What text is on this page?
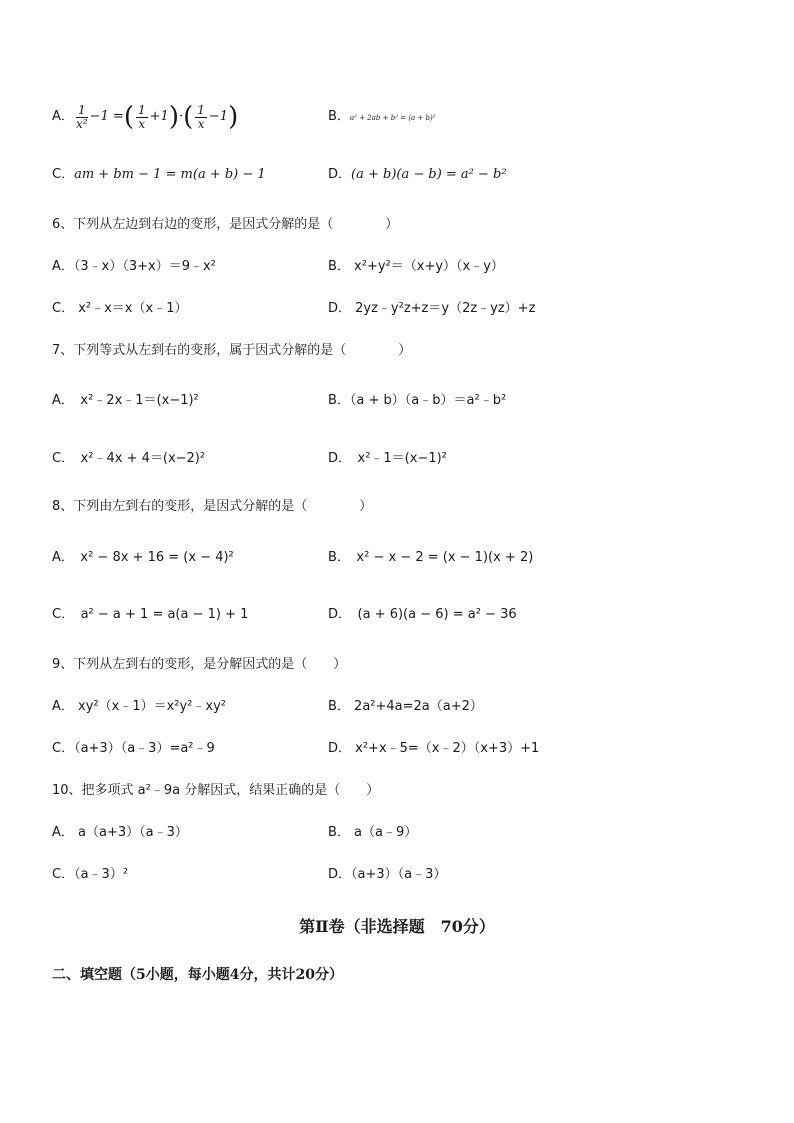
A． $\frac{1}{\text{x²}} -1$ = ( $\frac{1}{x} +1$ ) · ( $\frac{1}{x} -1$ )	B．a² + 2ab + b² = (a + b)²
C．am + bm − 1 = m(a + b) − 1	D．(a + b)(a − b) = a² − b²
6、下列从左边到右边的变形，是因式分解的是（　　　　）
A．（3﹣x）（3+x）＝9﹣x²	B． x²+y²＝（x+y）（x﹣y）
C． x²﹣x＝x（x﹣1）	D． 2yz﹣y²z+z＝y（2z﹣yz）+z
7、下列等式从左到右的变形，属于因式分解的是（　　　　）
A．　x²﹣2x﹣1＝(x−1)²	B．（a + b）（a﹣b）＝a²﹣b²
C．　x²﹣4x + 4＝(x−2)²	D．　x²﹣1＝(x−1)²
8、下列由左到右的变形，是因式分解的是（　　　　）
A．　x² − 8x + 16 = (x − 4)²	B．　x² − x − 2 = (x − 1)(x + 2)
C．　a² − a + 1 = a(a − 1) + 1	D．　(a + 6)(a − 6) = a² − 36
9、下列从左到右的变形，是分解因式的是（　　）
A． xy²（x﹣1）＝x²y²﹣xy²	B． 2a²+4a=2a（a+2）
C．（a+3）（a﹣3）=a²﹣9	D． x²+x﹣5=（x﹣2）（x+3）+1
10、把多项式 a²﹣9a 分解因式，结果正确的是（　　）
A． a（a+3）（a﹣3）	B． a（a﹣9）
C．（a﹣3）²	D．（a+3）（a﹣3）
第Ⅱ卷（非选择题　70分）
二、填空题（5小题，每小题4分，共计20分）
